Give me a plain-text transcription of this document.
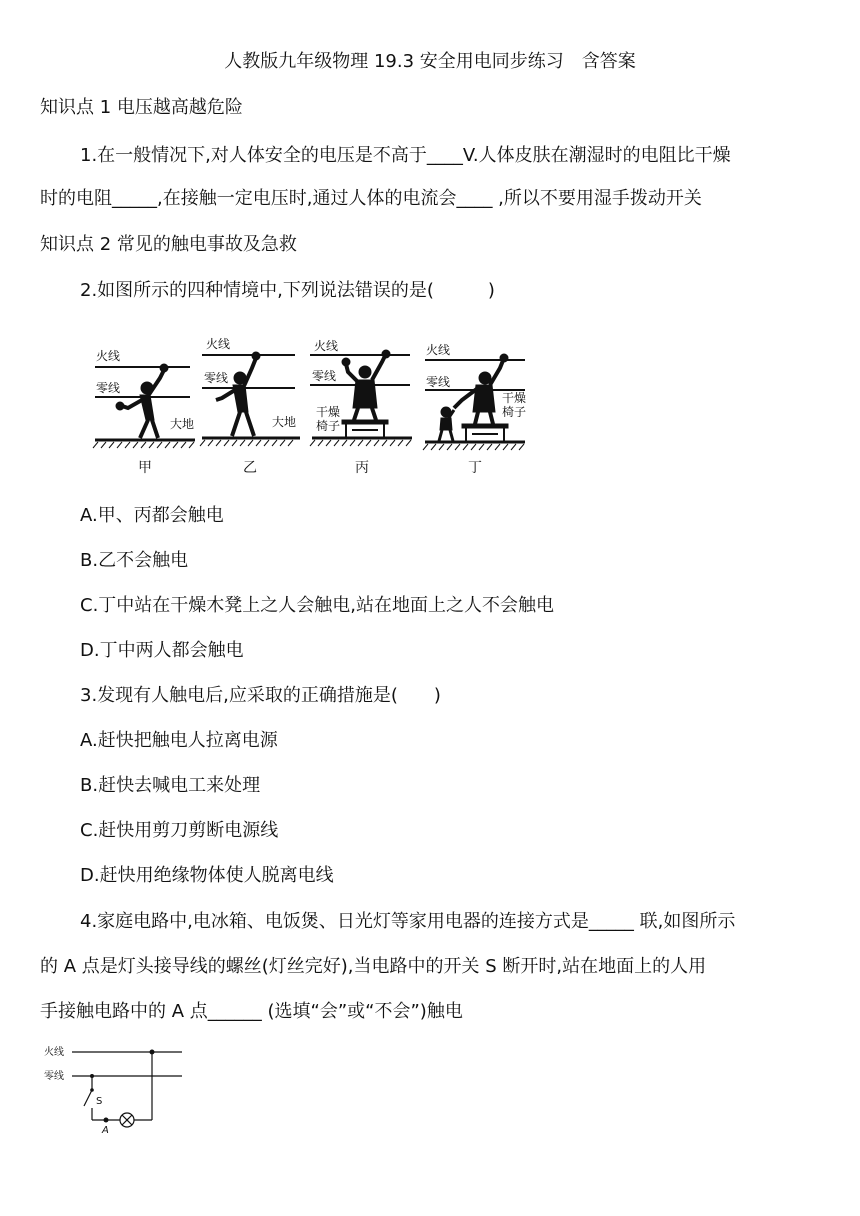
人教版九年级物理 19.3 安全用电同步练习　含答案
知识点 1 电压越高越危险
1.在一般情况下,对人体安全的电压是不高于____V.人体皮肤在潮湿时的电阻比干燥
时的电阻_____,在接触一定电压时,通过人体的电流会____ ,所以不要用湿手拨动开关
知识点 2 常见的触电事故及急救
2.如图所示的四种情境中,下列说法错误的是(　　　)
火线
零线
大地
火线
零线
大地
火线
零线
干燥
椅子
火线
零线
干燥
椅子
甲	乙	丙	丁
A.甲、丙都会触电
B.乙不会触电
C.丁中站在干燥木凳上之人会触电,站在地面上之人不会触电
D.丁中两人都会触电
3.发现有人触电后,应采取的正确措施是(　　)
A.赶快把触电人拉离电源
B.赶快去喊电工来处理
C.赶快用剪刀剪断电源线
D.赶快用绝缘物体使人脱离电线
4.家庭电路中,电冰箱、电饭煲、日光灯等家用电器的连接方式是_____ 联,如图所示
的 A 点是灯头接导线的螺丝(灯丝完好),当电路中的开关 S 断开时,站在地面上的人用
手接触电路中的 A 点______ (选填“会”或“不会”)触电
火线
零线
S
A
